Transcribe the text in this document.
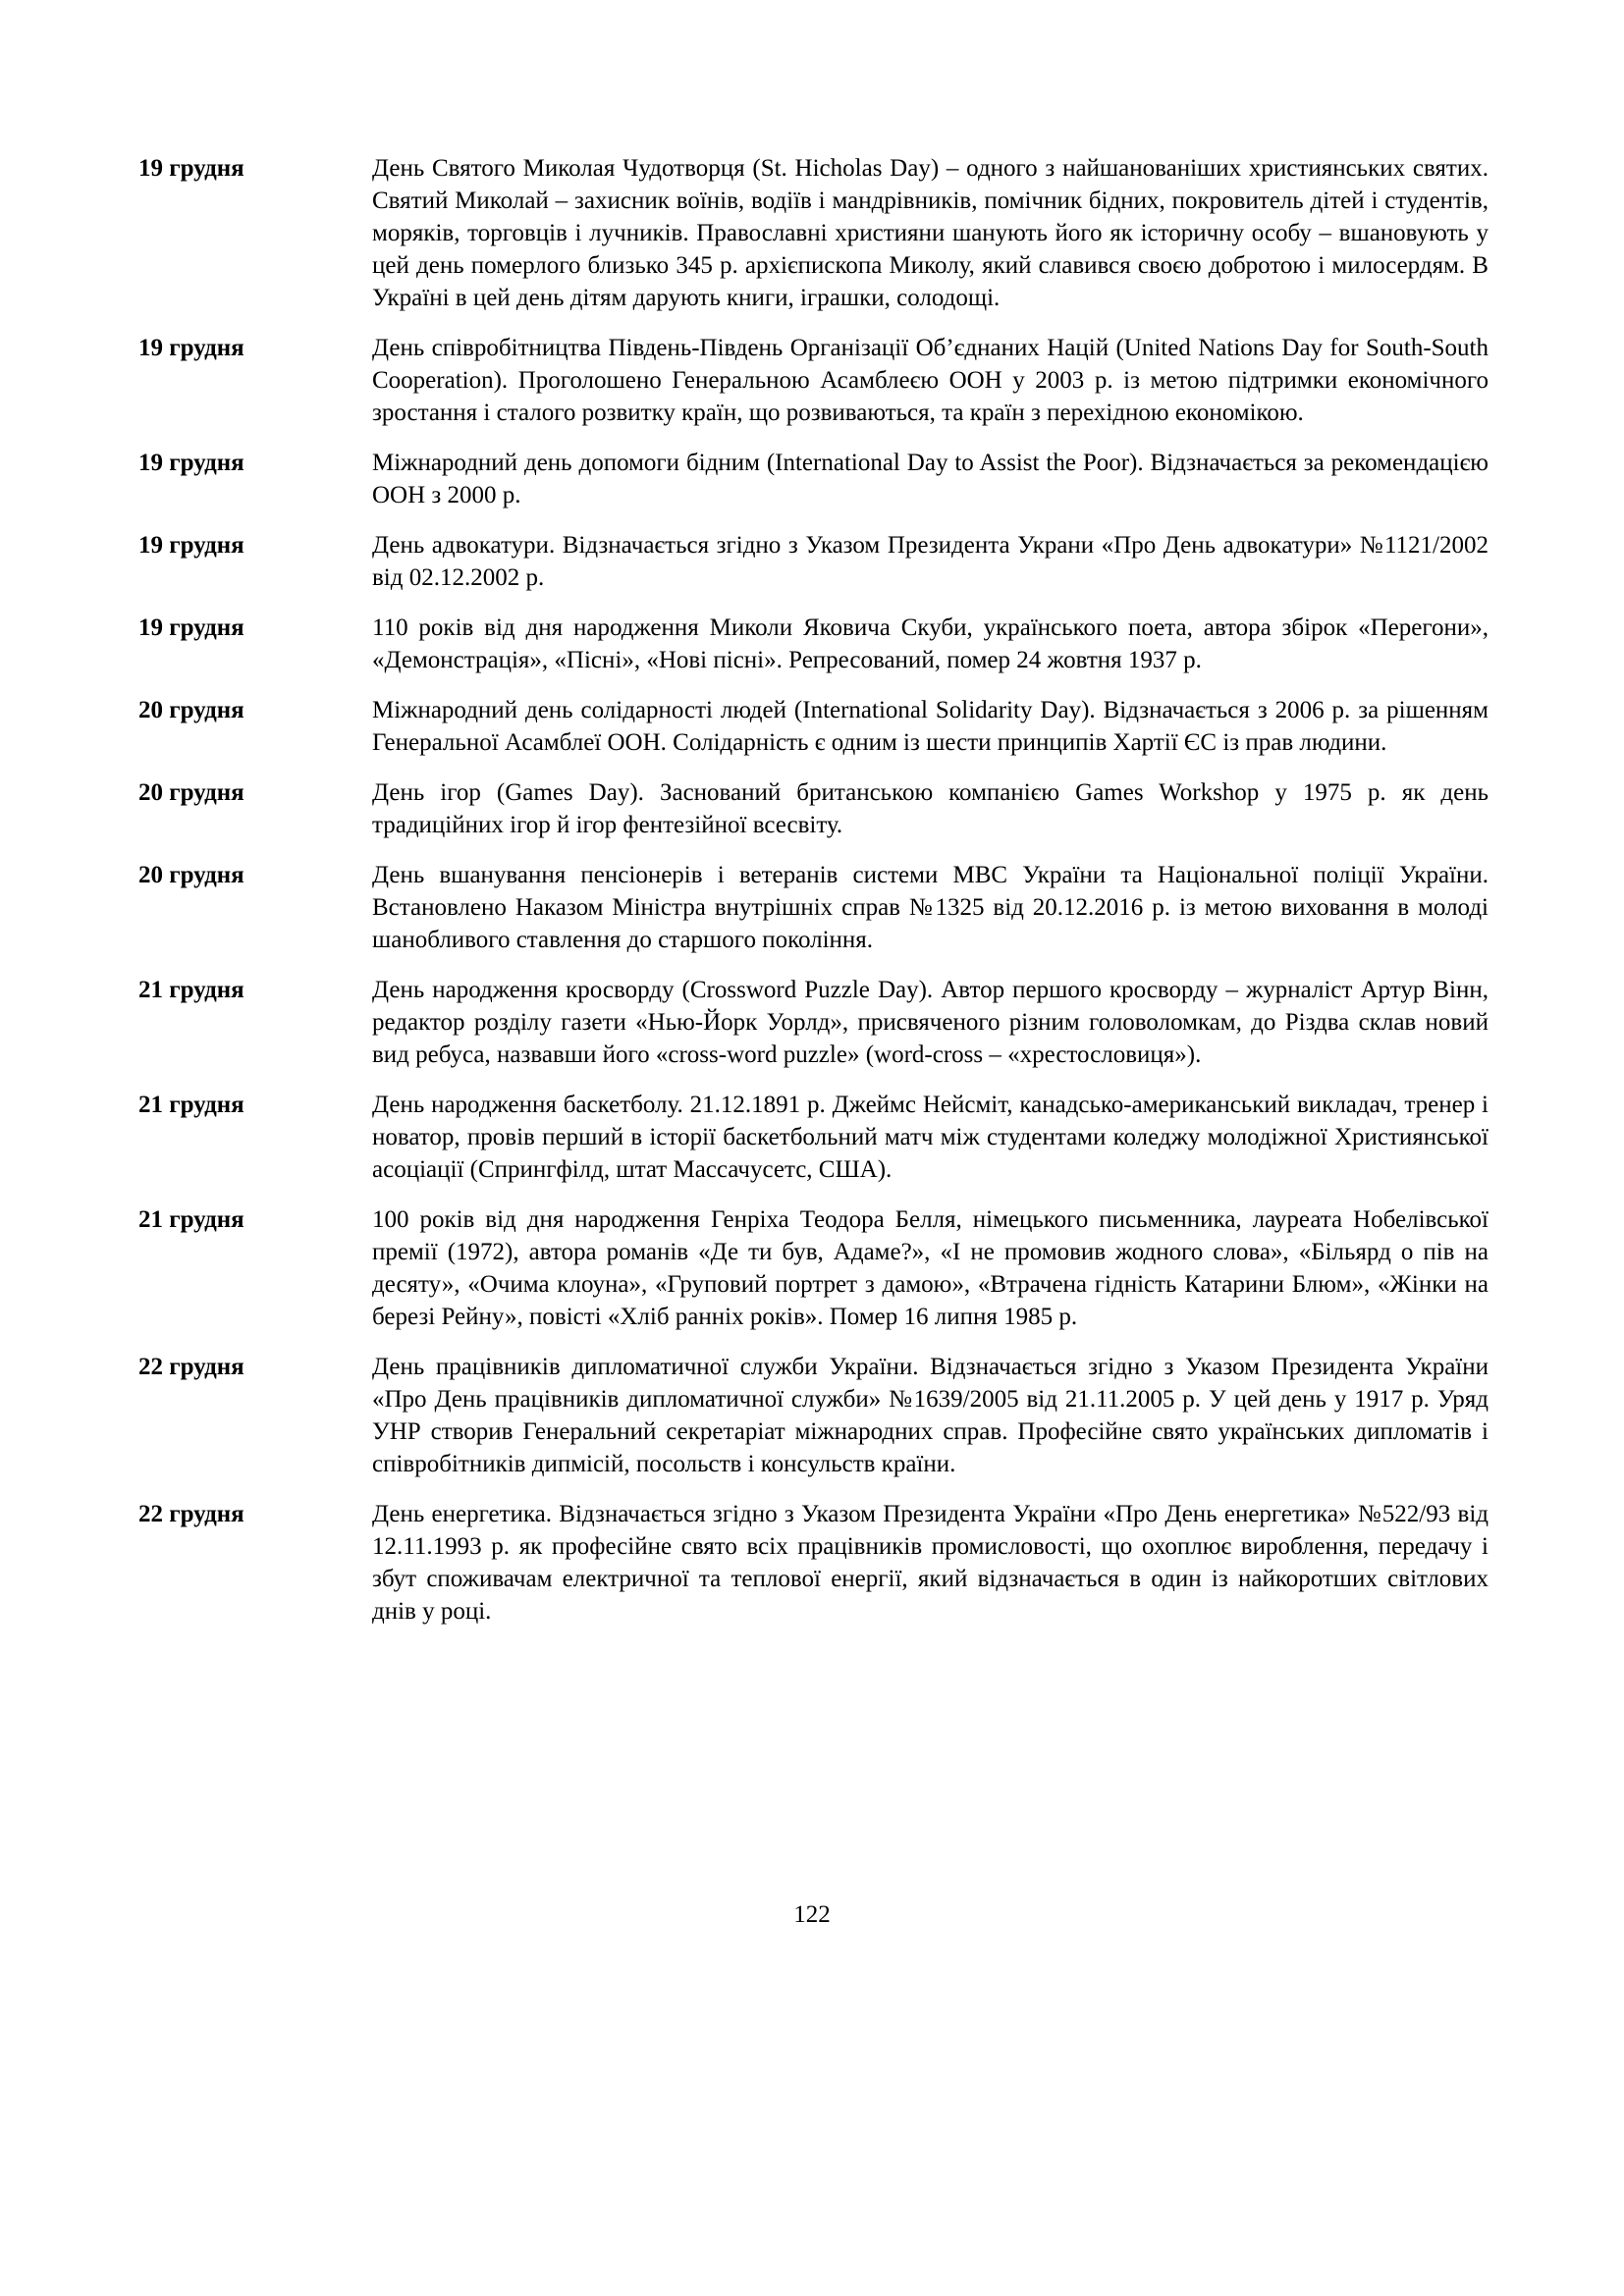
19 грудня	День Святого Миколая Чудотворця (St. Hicholas Day) – одного з найшанованіших християнських святих. Святий Миколай – захисник воїнів, водіїв і мандрівників, помічник бідних, покровитель дітей і студентів, моряків, торговців і лучників. Православні християни шанують його як історичну особу – вшановують у цей день померлого близько 345 р. архієпископа Миколу, який славився своєю добротою і милосердям. В Україні в цей день дітям дарують книги, іграшки, солодощі.
19 грудня	День співробітництва Південь-Південь Організації Об’єднаних Націй (United Nations Day for South-South Cooperation). Проголошено Генеральною Асамблеєю ООН у 2003 р. із метою підтримки економічного зростання і сталого розвитку країн, що розвиваються, та країн з перехідною економікою.
19 грудня	Міжнародний день допомоги бідним (International Day to Assist the Poor). Відзначається за рекомендацією ООН з 2000 р.
19 грудня	День адвокатури. Відзначається згідно з Указом Президента Украни «Про День адвокатури» №1121/2002 від 02.12.2002 р.
19 грудня	110 років від дня народження Миколи Яковича Скуби, українського поета, автора збірок «Перегони», «Демонстрація», «Пісні», «Нові пісні». Репресований, помер 24 жовтня 1937 р.
20 грудня	Міжнародний день солідарності людей (International Solidarity Day). Відзначається з 2006 р. за рішенням Генеральної Асамблеї ООН. Солідарність є одним із шести принципів Хартії ЄС із прав людини.
20 грудня	День ігор (Games Day). Заснований британською компанією Games Workshop у 1975 р. як день традиційних ігор й ігор фентезійної всесвіту.
20 грудня	День вшанування пенсіонерів і ветеранів системи МВС України та Національної поліції України. Встановлено Наказом Міністра внутрішніх справ №1325 від 20.12.2016 р. із метою виховання в молоді шанобливого ставлення до старшого покоління.
21 грудня	День народження кросворду (Crossword Puzzle Day). Автор першого кросворду – журналіст Артур Вінн, редактор розділу газети «Нью-Йорк Уорлд», присвяченого різним головоломкам, до Різдва склав новий вид ребуса, назвавши його «cross-word puzzle» (word-cross – «хрестословиця»).
21 грудня	День народження баскетболу. 21.12.1891 р. Джеймс Нейсміт, канадсько-американський викладач, тренер і новатор, провів перший в історії баскетбольний матч між студентами коледжу молодіжної Християнської асоціації (Спрингфілд, штат Массачусетс, США).
21 грудня	100 років від дня народження Генріха Теодора Белля, німецького письменника, лауреата Нобелівської премії (1972), автора романів «Де ти був, Адаме?», «І не промовив жодного слова», «Більярд о пів на десяту», «Очима клоуна», «Груповий портрет з дамою», «Втрачена гідність Катарини Блюм», «Жінки на березі Рейну», повісті «Хліб ранніх років». Помер 16 липня 1985 р.
22 грудня	День працівників дипломатичної служби України. Відзначається згідно з Указом Президента України «Про День працівників дипломатичної служби» №1639/2005 від 21.11.2005 р. У цей день у 1917 р. Уряд УНР створив Генеральний секретаріат міжнародних справ. Професійне свято українських дипломатів і співробітників дипмісій, посольств і консульств країни.
22 грудня	День енергетика. Відзначається згідно з Указом Президента України «Про День енергетика» №522/93 від 12.11.1993 р. як професійне свято всіх працівників промисловості, що охоплює вироблення, передачу і збут споживачам електричної та теплової енергії, який відзначається в один із найкоротших світлових днів у році.
122
